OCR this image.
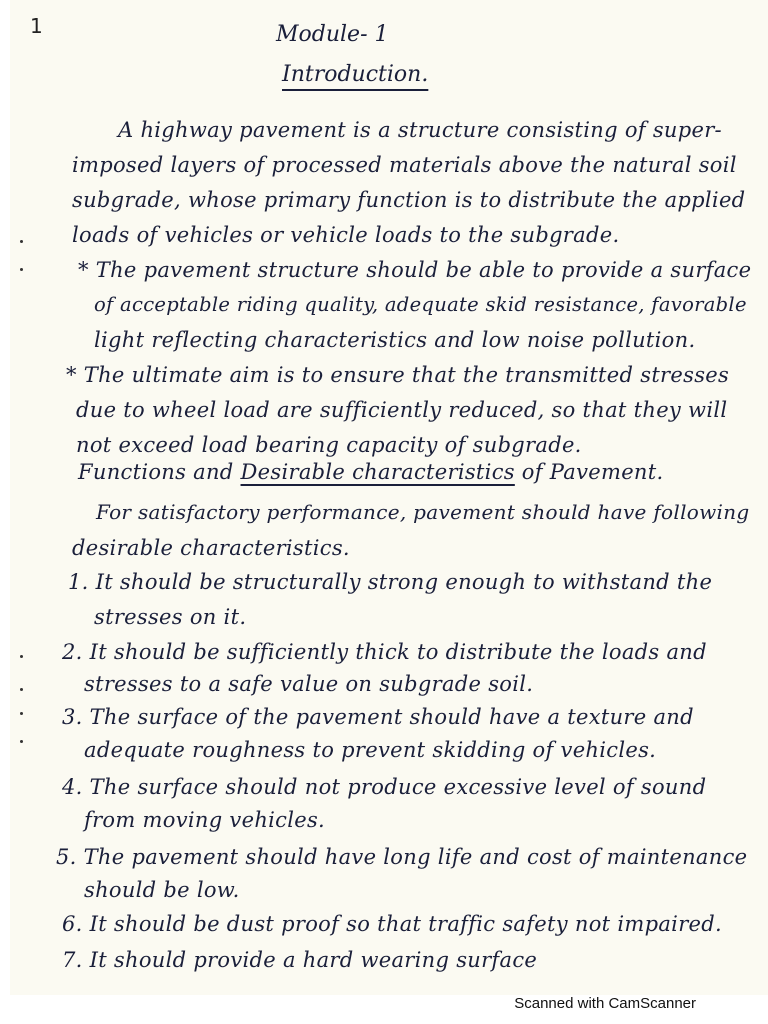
1	Module- 1
Introduction.
A highway pavement is a structure consisting of super-
imposed layers of processed materials above the natural soil
subgrade, whose primary function is to distribute the applied
loads of vehicles or vehicle loads to the subgrade.
* The pavement structure should be able to provide a surface
of acceptable riding quality, adequate skid resistance, favorable
light reflecting characteristics and low noise pollution.
* The ultimate aim is to ensure that the transmitted stresses
due to wheel load are sufficiently reduced, so that they will
not exceed load bearing capacity of subgrade.
Functions and Desirable characteristics of Pavement.
For satisfactory performance, pavement should have following
desirable characteristics.
1. It should be structurally strong enough to withstand the
stresses on it.
2. It should be sufficiently thick to distribute the loads and
stresses to a safe value on subgrade soil.
3. The surface of the pavement should have a texture and
adequate roughness to prevent skidding of vehicles.
4. The surface should not produce excessive level of sound
from moving vehicles.
5. The pavement should have long life and cost of maintenance
should be low.
6. It should be dust proof so that traffic safety not impaired.
7. It should provide a hard wearing surface
Scanned with CamScanner
